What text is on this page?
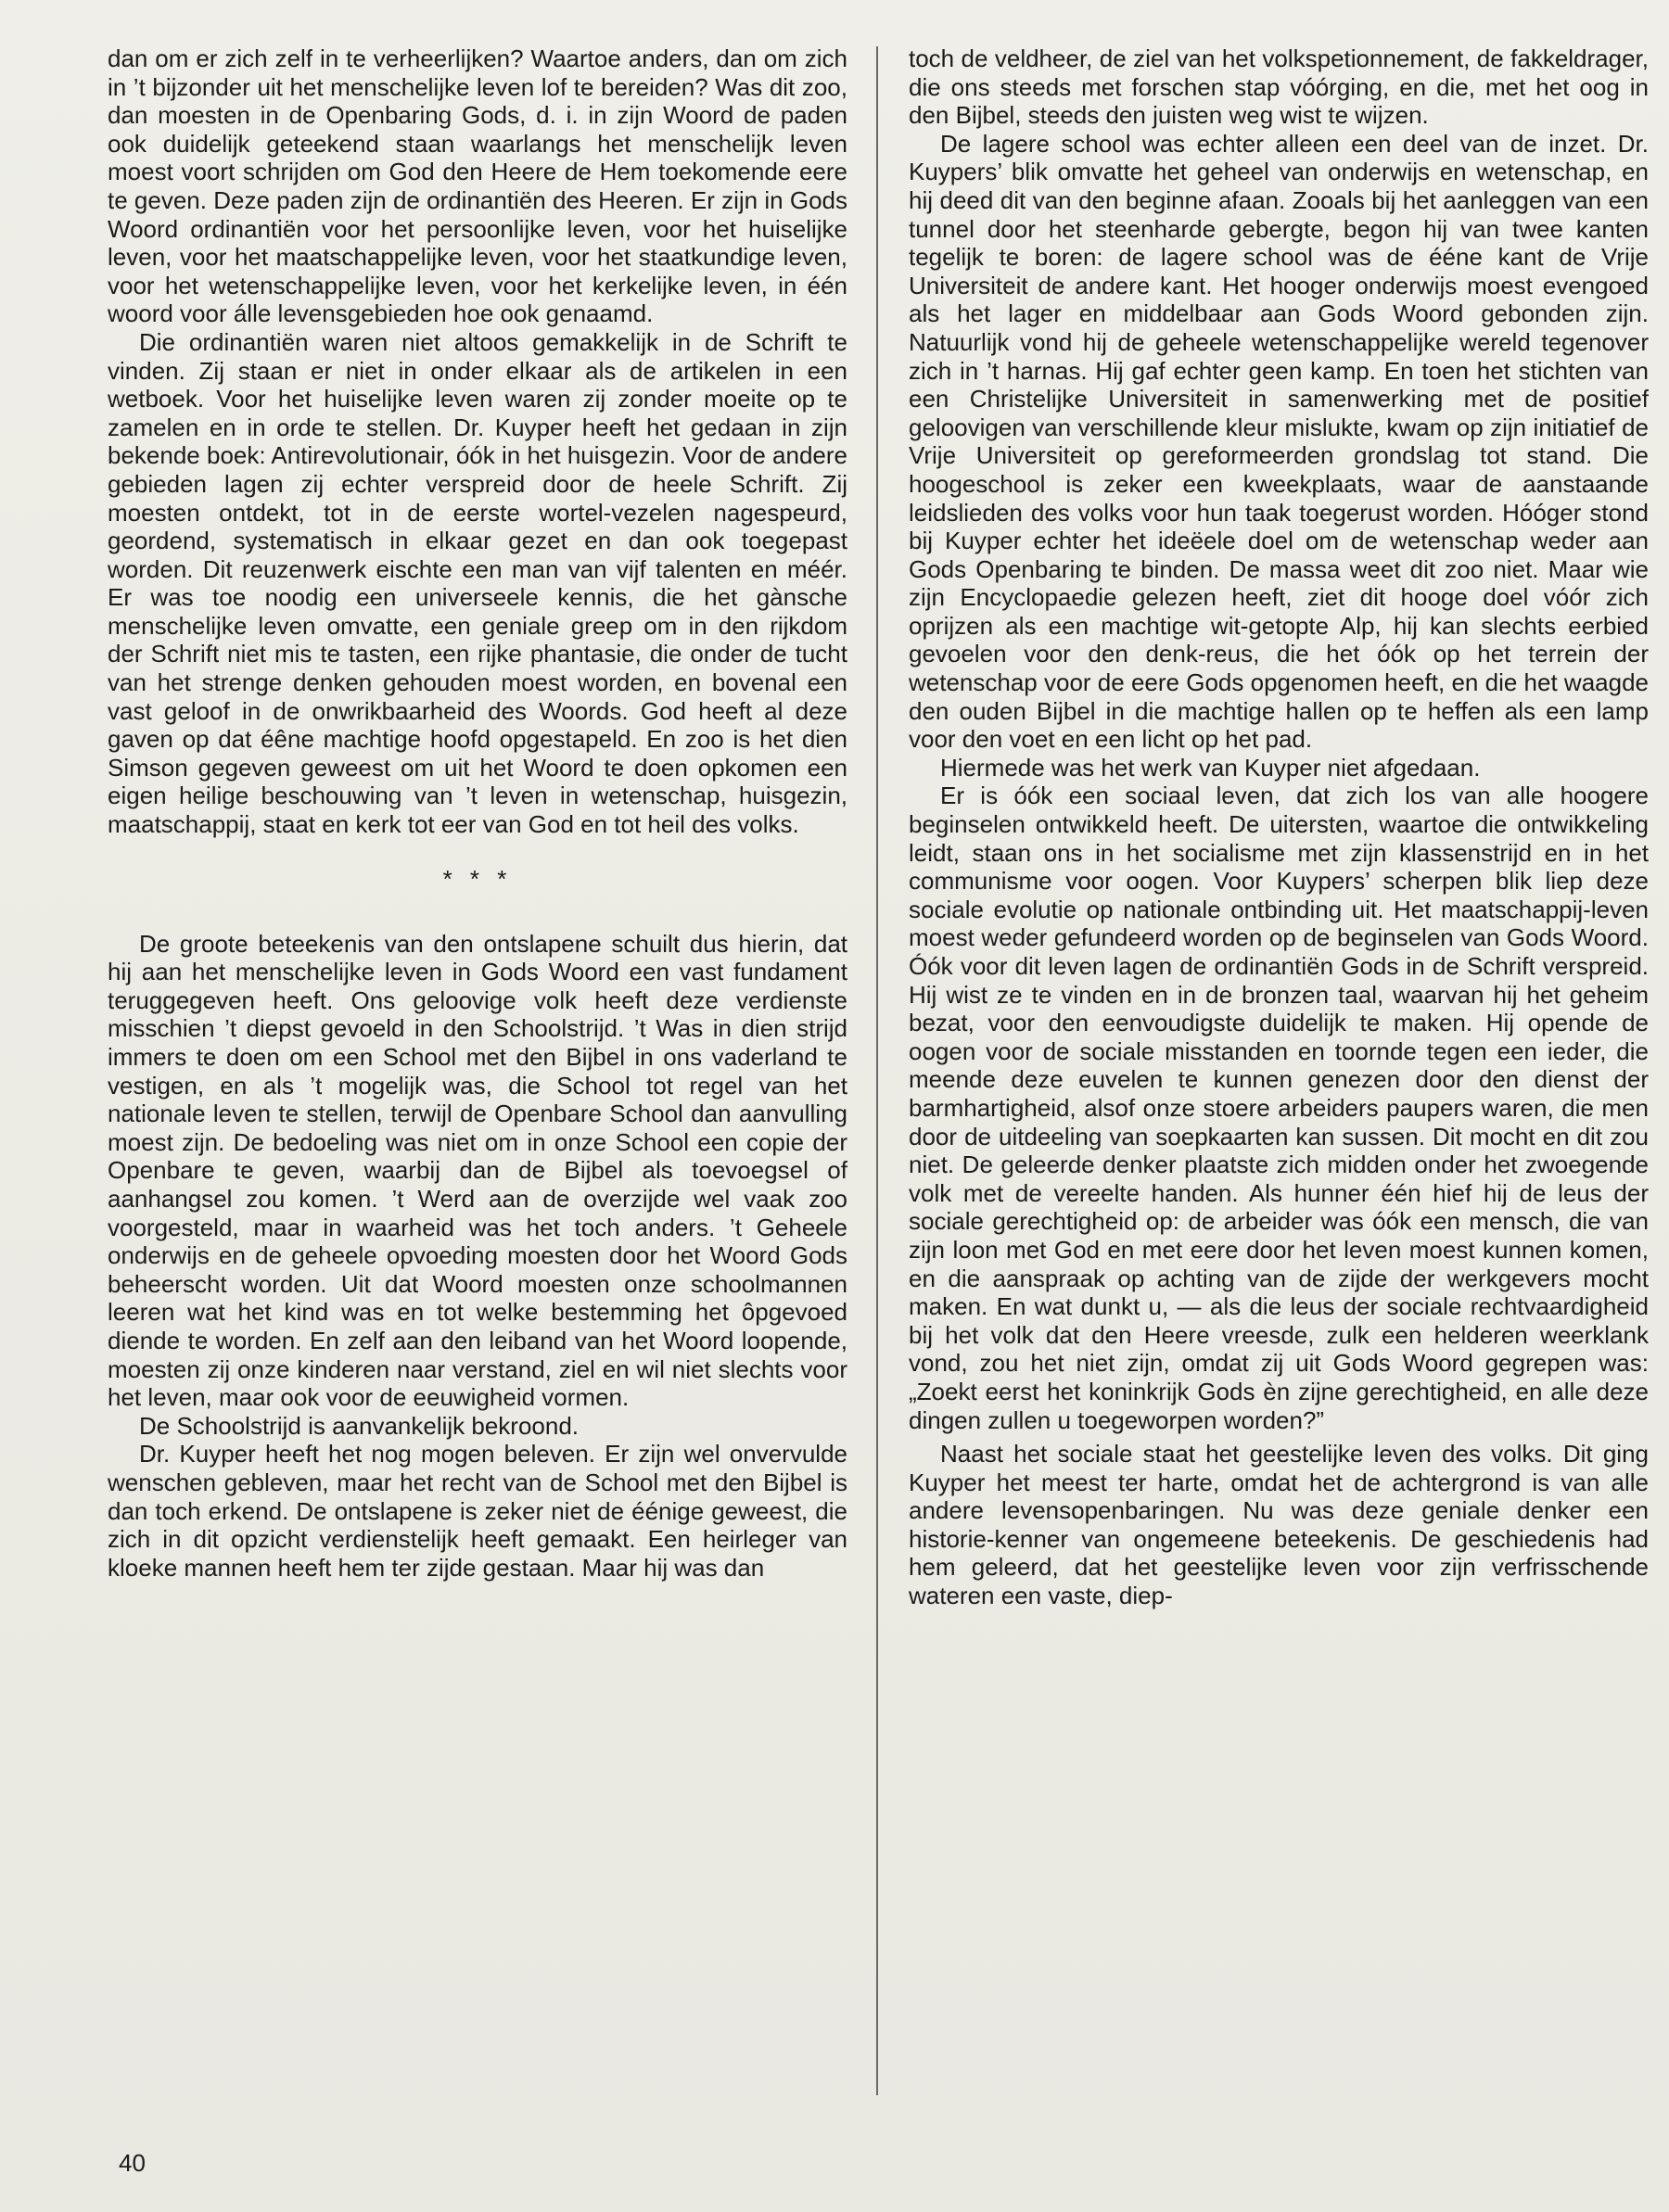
dan om er zich zelf in te verheerlijken? Waartoe anders, dan om zich in ’t bijzonder uit het menschelijke leven lof te bereiden? Was dit zoo, dan moesten in de Openbaring Gods, d. i. in zijn Woord de paden ook duidelijk geteekend staan waarlangs het menschelijk leven moest voort schrijden om God den Heere de Hem toekomende eere te geven. Deze paden zijn de ordinantiën des Heeren. Er zijn in Gods Woord ordinantiën voor het persoonlijke leven, voor het huiselijke leven, voor het maatschappelijke leven, voor het staatkundige leven, voor het wetenschappelijke leven, voor het kerkelijke leven, in één woord voor álle levensgebieden hoe ook genaamd.

Die ordinantiën waren niet altoos gemakkelijk in de Schrift te vinden. Zij staan er niet in onder elkaar als de artikelen in een wetboek. Voor het huiselijke leven waren zij zonder moeite op te zamelen en in orde te stellen. Dr. Kuyper heeft het gedaan in zijn bekende boek: Antirevolutionair, óók in het huisgezin. Voor de andere gebieden lagen zij echter verspreid door de heele Schrift. Zij moesten ontdekt, tot in de eerste wortel-vezelen nagespeurd, geordend, systematisch in elkaar gezet en dan ook toegepast worden. Dit reuzenwerk eischte een man van vijf talenten en méér. Er was toe noodig een universeele kennis, die het gànsche menschelijke leven omvatte, een geniale greep om in den rijkdom der Schrift niet mis te tasten, een rijke phantasie, die onder de tucht van het strenge denken gehouden moest worden, en bovenal een vast geloof in de onwrikbaarheid des Woords. God heeft al deze gaven op dat éêne machtige hoofd opgestapeld. En zoo is het dien Simson gegeven geweest om uit het Woord te doen opkomen een eigen heilige beschouwing van ’t leven in wetenschap, huisgezin, maatschappij, staat en kerk tot eer van God en tot heil des volks.

* * *

De groote beteekenis van den ontslapene schuilt dus hierin, dat hij aan het menschelijke leven in Gods Woord een vast fundament teruggegeven heeft. Ons geloovige volk heeft deze verdienste misschien ’t diepst gevoeld in den Schoolstrijd. ’t Was in dien strijd immers te doen om een School met den Bijbel in ons vaderland te vestigen, en als ’t mogelijk was, die School tot regel van het nationale leven te stellen, terwijl de Openbare School dan aanvulling moest zijn. De bedoeling was niet om in onze School een copie der Openbare te geven, waarbij dan de Bijbel als toevoegsel of aanhangsel zou komen. ’t Werd aan de overzijde wel vaak zoo voorgesteld, maar in waarheid was het toch anders. ’t Geheele onderwijs en de geheele opvoeding moesten door het Woord Gods beheerscht worden. Uit dat Woord moesten onze schoolmannen leeren wat het kind was en tot welke bestemming het ôpgevoed diende te worden. En zelf aan den leiband van het Woord loopende, moesten zij onze kinderen naar verstand, ziel en wil niet slechts voor het leven, maar ook voor de eeuwigheid vormen.

De Schoolstrijd is aanvankelijk bekroond.

Dr. Kuyper heeft het nog mogen beleven. Er zijn wel onvervulde wenschen gebleven, maar het recht van de School met den Bijbel is dan toch erkend. De ontslapene is zeker niet de éénige geweest, die zich in dit opzicht verdienstelijk heeft gemaakt. Een heirleger van kloeke mannen heeft hem ter zijde gestaan. Maar hij was dan

toch de veldheer, de ziel van het volkspetionnement, de fakkeldrager, die ons steeds met forschen stap vóórging, en die, met het oog in den Bijbel, steeds den juisten weg wist te wijzen.

De lagere school was echter alleen een deel van de inzet. Dr. Kuypers’ blik omvatte het geheel van onderwijs en wetenschap, en hij deed dit van den beginne afaan. Zooals bij het aanleggen van een tunnel door het steenharde gebergte, begon hij van twee kanten tegelijk te boren: de lagere school was de ééne kant de Vrije Universiteit de andere kant. Het hooger onderwijs moest evengoed als het lager en middelbaar aan Gods Woord gebonden zijn. Natuurlijk vond hij de geheele wetenschappelijke wereld tegenover zich in ’t harnas. Hij gaf echter geen kamp. En toen het stichten van een Christelijke Universiteit in samenwerking met de positief geloovigen van verschillende kleur mislukte, kwam op zijn initiatief de Vrije Universiteit op gereformeerden grondslag tot stand. Die hoogeschool is zeker een kweekplaats, waar de aanstaande leidslieden des volks voor hun taak toegerust worden. Hóóger stond bij Kuyper echter het ideëele doel om de wetenschap weder aan Gods Openbaring te binden. De massa weet dit zoo niet. Maar wie zijn Encyclopaedie gelezen heeft, ziet dit hooge doel vóór zich oprijzen als een machtige wit-getopte Alp, hij kan slechts eerbied gevoelen voor den denk-reus, die het óók op het terrein der wetenschap voor de eere Gods opgenomen heeft, en die het waagde den ouden Bijbel in die machtige hallen op te heffen als een lamp voor den voet en een licht op het pad.

Hiermede was het werk van Kuyper niet afgedaan.

Er is óók een sociaal leven, dat zich los van alle hoogere beginselen ontwikkeld heeft. De uitersten, waartoe die ontwikkeling leidt, staan ons in het socialisme met zijn klassenstrijd en in het communisme voor oogen. Voor Kuypers’ scherpen blik liep deze sociale evolutie op nationale ontbinding uit. Het maatschappij-leven moest weder gefundeerd worden op de beginselen van Gods Woord. Óók voor dit leven lagen de ordinantiën Gods in de Schrift verspreid. Hij wist ze te vinden en in de bronzen taal, waarvan hij het geheim bezat, voor den eenvoudigste duidelijk te maken. Hij opende de oogen voor de sociale misstanden en toornde tegen een ieder, die meende deze euvelen te kunnen genezen door den dienst der barmhartigheid, alsof onze stoere arbeiders paupers waren, die men door de uitdeeling van soepkaarten kan sussen. Dit mocht en dit zou niet. De geleerde denker plaatste zich midden onder het zwoegende volk met de vereelte handen. Als hunner één hief hij de leus der sociale gerechtigheid op: de arbeider was óók een mensch, die van zijn loon met God en met eere door het leven moest kunnen komen, en die aanspraak op achting van de zijde der werkgevers mocht maken. En wat dunkt u, — als die leus der sociale rechtvaardigheid bij het volk dat den Heere vreesde, zulk een helderen weerklank vond, zou het niet zijn, omdat zij uit Gods Woord gegrepen was: „Zoekt eerst het koninkrijk Gods èn zijne gerechtigheid, en alle deze dingen zullen u toegeworpen worden?”

Naast het sociale staat het geestelijke leven des volks. Dit ging Kuyper het meest ter harte, omdat het de achtergrond is van alle andere levensopenbaringen. Nu was deze geniale denker een historie-kenner van ongemeene beteekenis. De geschiedenis had hem geleerd, dat het geestelijke leven voor zijn verfrisschende wateren een vaste, diep-

40
